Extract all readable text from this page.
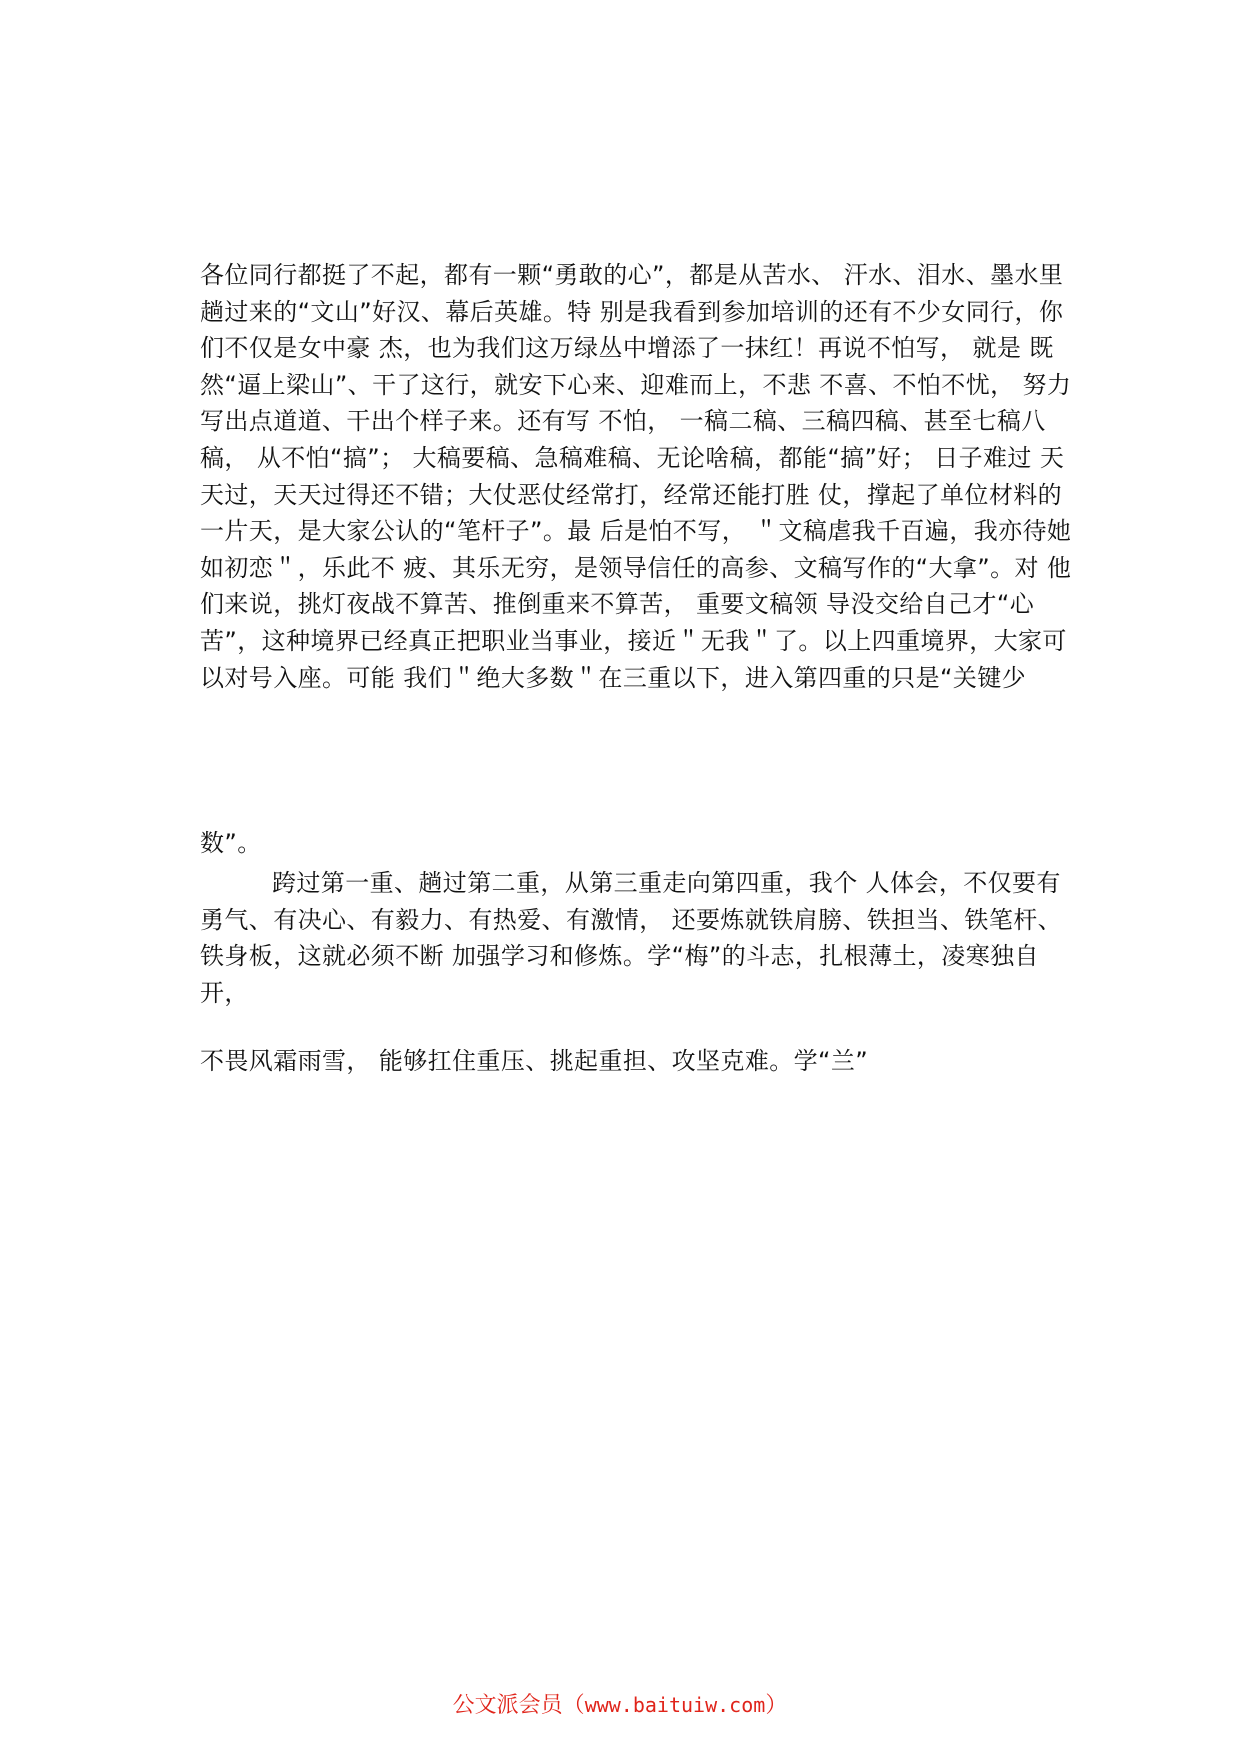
各位同行都挺了不起，都有一颗“勇敢的心”，都是从苦水、 汗水、泪水、墨水里趟过来的“文山”好汉、幕后英雄。特 别是我看到参加培训的还有不少女同行，你们不仅是女中豪 杰，也为我们这万绿丛中增添了一抹红！再说不怕写， 就是 既然“逼上梁山”、干了这行，就安下心来、迎难而上，不悲 不喜、不怕不忧， 努力写出点道道、干出个样子来。还有写 不怕， 一稿二稿、三稿四稿、甚至七稿八稿， 从不怕“搞”； 大稿要稿、急稿难稿、无论啥稿，都能“搞”好； 日子难过 天天过，天天过得还不错；大仗恶仗经常打，经常还能打胜 仗，撑起了单位材料的一片天，是大家公认的“笔杆子”。最 后是怕不写， ＂文稿虐我千百遍，我亦待她如初恋＂，乐此不 疲、其乐无穷，是领导信任的高参、文稿写作的“大拿”。对 他们来说，挑灯夜战不算苦、推倒重来不算苦， 重要文稿领 导没交给自己才“心苦”，这种境界已经真正把职业当事业，接近＂无我＂了。以上四重境界，大家可以对号入座。可能 我们＂绝大多数＂在三重以下，进入第四重的只是“关键少

数”。

跨过第一重、趟过第二重，从第三重走向第四重，我个 人体会，不仅要有勇气、有决心、有毅力、有热爱、有激情， 还要炼就铁肩膀、铁担当、铁笔杆、铁身板，这就必须不断 加强学习和修炼。学“梅”的斗志，扎根薄土，凌寒独自开，

不畏风霜雨雪， 能够扛住重压、挑起重担、攻坚克难。学“兰”

公文派会员（www.baituiw.com）
